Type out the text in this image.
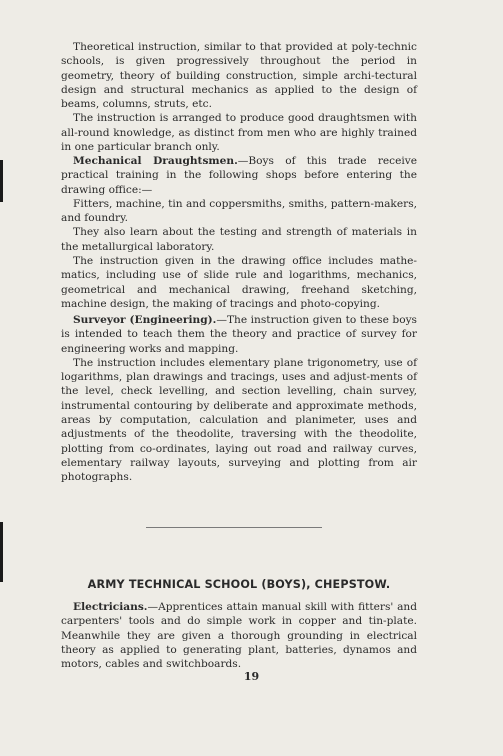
Theoretical instruction, similar to that provided at poly-technic schools, is given progressively throughout the period in geometry, theory of building construction, simple archi-tectural design and structural mechanics as applied to the design of beams, columns, struts, etc.

The instruction is arranged to produce good draughtsmen with all-round knowledge, as distinct from men who are highly trained in one particular branch only.

Mechanical Draughtsmen.—Boys of this trade receive practical training in the following shops before entering the drawing office:—

Fitters, machine, tin and coppersmiths, smiths, pattern-makers, and foundry.

They also learn about the testing and strength of materials in the metallurgical laboratory.

The instruction given in the drawing office includes mathe-matics, including use of slide rule and logarithms, mechanics, geometrical and mechanical drawing, freehand sketching, machine design, the making of tracings and photo-copying.

Surveyor (Engineering).—The instruction given to these boys is intended to teach them the theory and practice of survey for engineering works and mapping.

The instruction includes elementary plane trigonometry, use of logarithms, plan drawings and tracings, uses and adjust-ments of the level, check levelling, and section levelling, chain survey, instrumental contouring by deliberate and approximate methods, areas by computation, calculation and planimeter, uses and adjustments of the theodolite, traversing with the theodolite, plotting from co-ordinates, laying out road and railway curves, elementary railway layouts, surveying and plotting from air photographs.

ARMY TECHNICAL SCHOOL (BOYS), CHEPSTOW.

Electricians.—Apprentices attain manual skill with fitters' and carpenters' tools and do simple work in copper and tin-plate. Meanwhile they are given a thorough grounding in electrical theory as applied to generating plant, batteries, dynamos and motors, cables and switchboards.

19
